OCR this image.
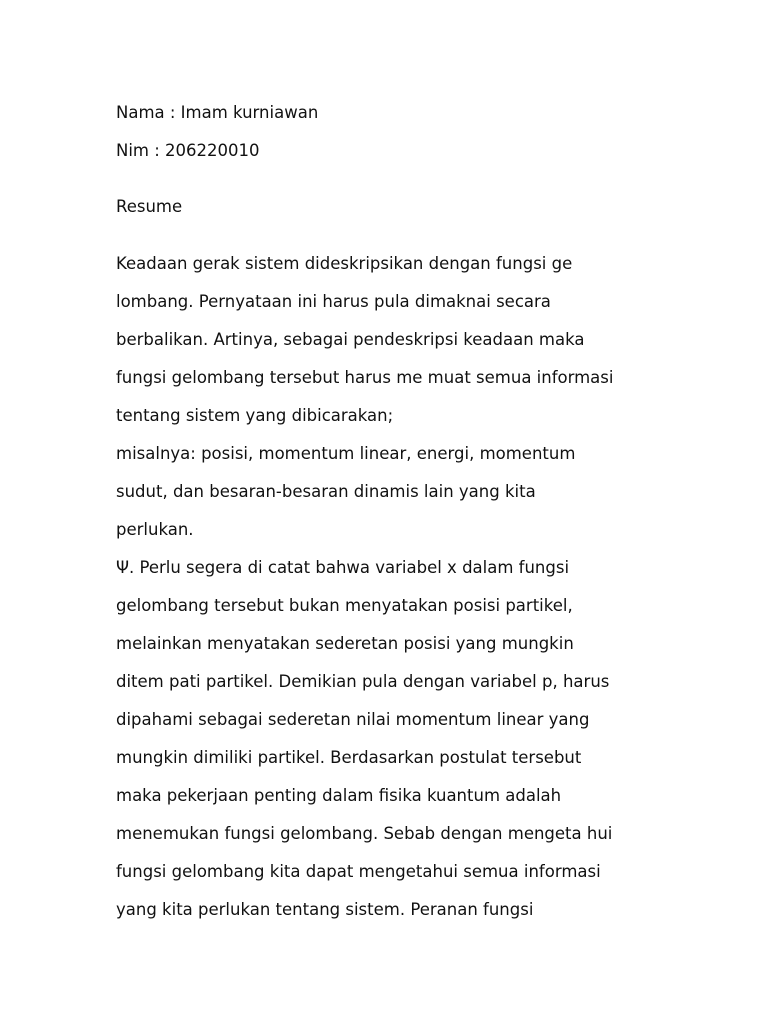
Nama : Imam kurniawan
Nim : 206220010
Resume
Keadaan gerak sistem dideskripsikan dengan fungsi ge
lombang. Pernyataan ini harus pula dimaknai secara
berbalikan. Artinya, sebagai pendeskripsi keadaan maka
fungsi gelombang tersebut harus me muat semua informasi
tentang sistem yang dibicarakan;
misalnya: posisi, momentum linear, energi, momentum
sudut, dan besaran-besaran dinamis lain yang kita
perlukan.
Ψ. Perlu segera di catat bahwa variabel x dalam fungsi
gelombang tersebut bukan menyatakan posisi partikel,
melainkan menyatakan sederetan posisi yang mungkin
ditem pati partikel. Demikian pula dengan variabel p, harus
dipahami sebagai sederetan nilai momentum linear yang
mungkin dimiliki partikel. Berdasarkan postulat tersebut
maka pekerjaan penting dalam fisika kuantum adalah
menemukan fungsi gelombang. Sebab dengan mengeta hui
fungsi gelombang kita dapat mengetahui semua informasi
yang kita perlukan tentang sistem. Peranan fungsi
